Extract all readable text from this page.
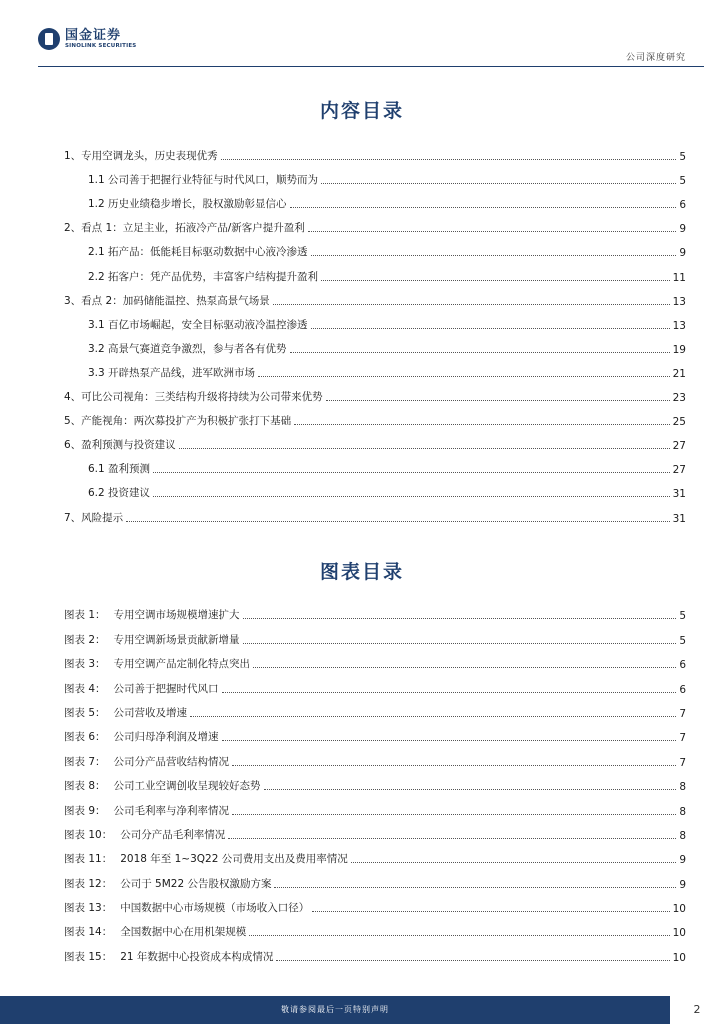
国金证券
SINOLINK SECURITIES
公司深度研究
内容目录
1、专用空调龙头，历史表现优秀	5
1.1 公司善于把握行业特征与时代风口，顺势而为	5
1.2 历史业绩稳步增长，股权激励彰显信心	6
2、看点 1：立足主业，拓液冷产品/新客户提升盈利	9
2.1 拓产品：低能耗目标驱动数据中心液冷渗透	9
2.2 拓客户：凭产品优势，丰富客户结构提升盈利	11
3、看点 2：加码储能温控、热泵高景气场景	13
3.1 百亿市场崛起，安全目标驱动液冷温控渗透	13
3.2 高景气赛道竞争激烈，参与者各有优势	19
3.3 开辟热泵产品线，进军欧洲市场	21
4、可比公司视角：三类结构升级将持续为公司带来优势	23
5、产能视角：两次募投扩产为积极扩张打下基础	25
6、盈利预测与投资建议	27
6.1 盈利预测	27
6.2 投资建议	31
7、风险提示	31
图表目录
图表 1： 专用空调市场规模增速扩大	5
图表 2： 专用空调新场景贡献新增量	5
图表 3： 专用空调产品定制化特点突出	6
图表 4： 公司善于把握时代风口	6
图表 5： 公司营收及增速	7
图表 6： 公司归母净利润及增速	7
图表 7： 公司分产品营收结构情况	7
图表 8： 公司工业空调创收呈现较好态势	8
图表 9： 公司毛利率与净利率情况	8
图表 10： 公司分产品毛利率情况	8
图表 11： 2018 年至 1~3Q22 公司费用支出及费用率情况	9
图表 12： 公司于 5M22 公告股权激励方案	9
图表 13： 中国数据中心市场规模（市场收入口径）	10
图表 14： 全国数据中心在用机架规模	10
图表 15： 21 年数据中心投资成本构成情况	10
敬请参阅最后一页特别声明	2
